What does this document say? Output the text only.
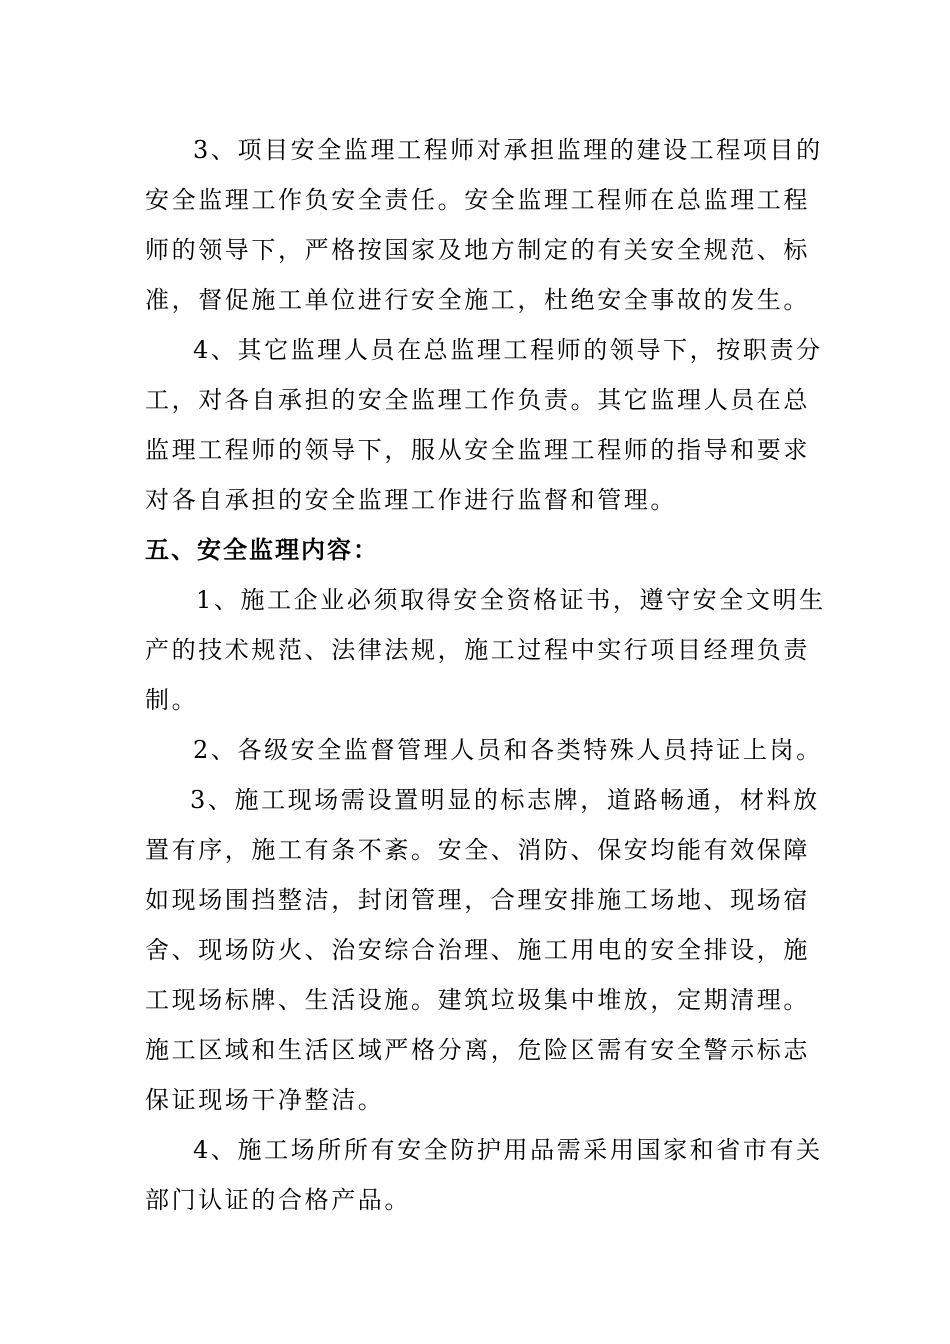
3、项目安全监理工程师对承担监理的建设工程项目的
安全监理工作负安全责任。安全监理工程师在总监理工程
师的领导下，严格按国家及地方制定的有关安全规范、标
准，督促施工单位进行安全施工，杜绝安全事故的发生。
4、其它监理人员在总监理工程师的领导下，按职责分
工，对各自承担的安全监理工作负责。其它监理人员在总
监理工程师的领导下，服从安全监理工程师的指导和要求
对各自承担的安全监理工作进行监督和管理。
五、安全监理内容：
1、施工企业必须取得安全资格证书，遵守安全文明生
产的技术规范、法律法规，施工过程中实行项目经理负责
制。
2、各级安全监督管理人员和各类特殊人员持证上岗。
3、施工现场需设置明显的标志牌，道路畅通，材料放
置有序，施工有条不紊。安全、消防、保安均能有效保障
如现场围挡整洁，封闭管理，合理安排施工场地、现场宿
舍、现场防火、治安综合治理、施工用电的安全排设，施
工现场标牌、生活设施。建筑垃圾集中堆放，定期清理。
施工区域和生活区域严格分离，危险区需有安全警示标志
保证现场干净整洁。
4、施工场所所有安全防护用品需采用国家和省市有关
部门认证的合格产品。
